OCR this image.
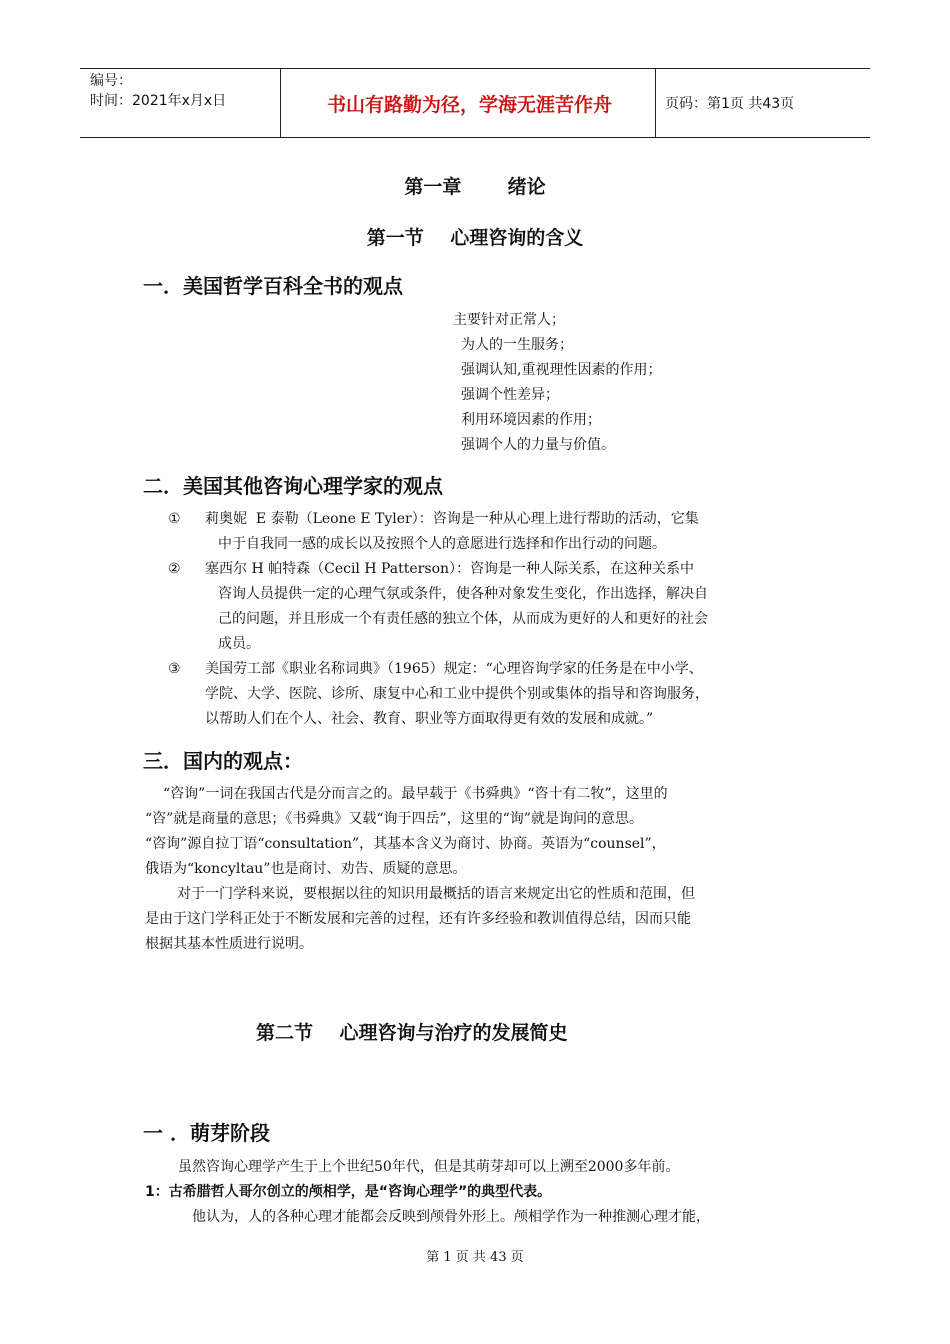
编号：
时间：2021年x月x日	书山有路勤为径，学海无涯苦作舟	页码：第1页 共43页
第一章       绪论
第一节    心理咨询的含义
一．美国哲学百科全书的观点
主要针对正常人；
为人的一生服务；
强调认知,重视理性因素的作用；
强调个性差异；
利用环境因素的作用；
强调个人的力量与价值。
二．美国其他咨询心理学家的观点
① 莉奥妮  E 泰勒（Leone E Tyler）：咨询是一种从心理上进行帮助的活动，它集
中于自我同一感的成长以及按照个人的意愿进行选择和作出行动的问题。
② 塞西尔 H 帕特森（Cecil H Patterson）：咨询是一种人际关系，在这种关系中
咨询人员提供一定的心理气氛或条件，使各种对象发生变化，作出选择，解决自
己的问题，并且形成一个有责任感的独立个体，从而成为更好的人和更好的社会
成员。
③ 美国劳工部《职业名称词典》（1965）规定：“心理咨询学家的任务是在中小学、
学院、大学、医院、诊所、康复中心和工业中提供个别或集体的指导和咨询服务，
以帮助人们在个人、社会、教育、职业等方面取得更有效的发展和成就。”
三．国内的观点：
“咨询”一词在我国古代是分而言之的。最早载于《书舜典》“咨十有二牧”，这里的
“咨”就是商量的意思；《书舜典》又载“询于四岳”，这里的“询”就是询问的意思。
“咨询”源自拉丁语“consultation”，其基本含义为商讨、协商。英语为“counsel”，
俄语为“koncyltau”也是商讨、劝告、质疑的意思。
对于一门学科来说，要根据以往的知识用最概括的语言来规定出它的性质和范围，但
是由于这门学科正处于不断发展和完善的过程，还有许多经验和教训值得总结，因而只能
根据其基本性质进行说明。
第二节    心理咨询与治疗的发展简史
一 ．萌芽阶段
虽然咨询心理学产生于上个世纪50年代，但是其萌芽却可以上溯至2000多年前。
1：古希腊哲人哥尔创立的颅相学，是“咨询心理学”的典型代表。
他认为，人的各种心理才能都会反映到颅骨外形上。颅相学作为一种推测心理才能，
第 1 页 共 43 页
